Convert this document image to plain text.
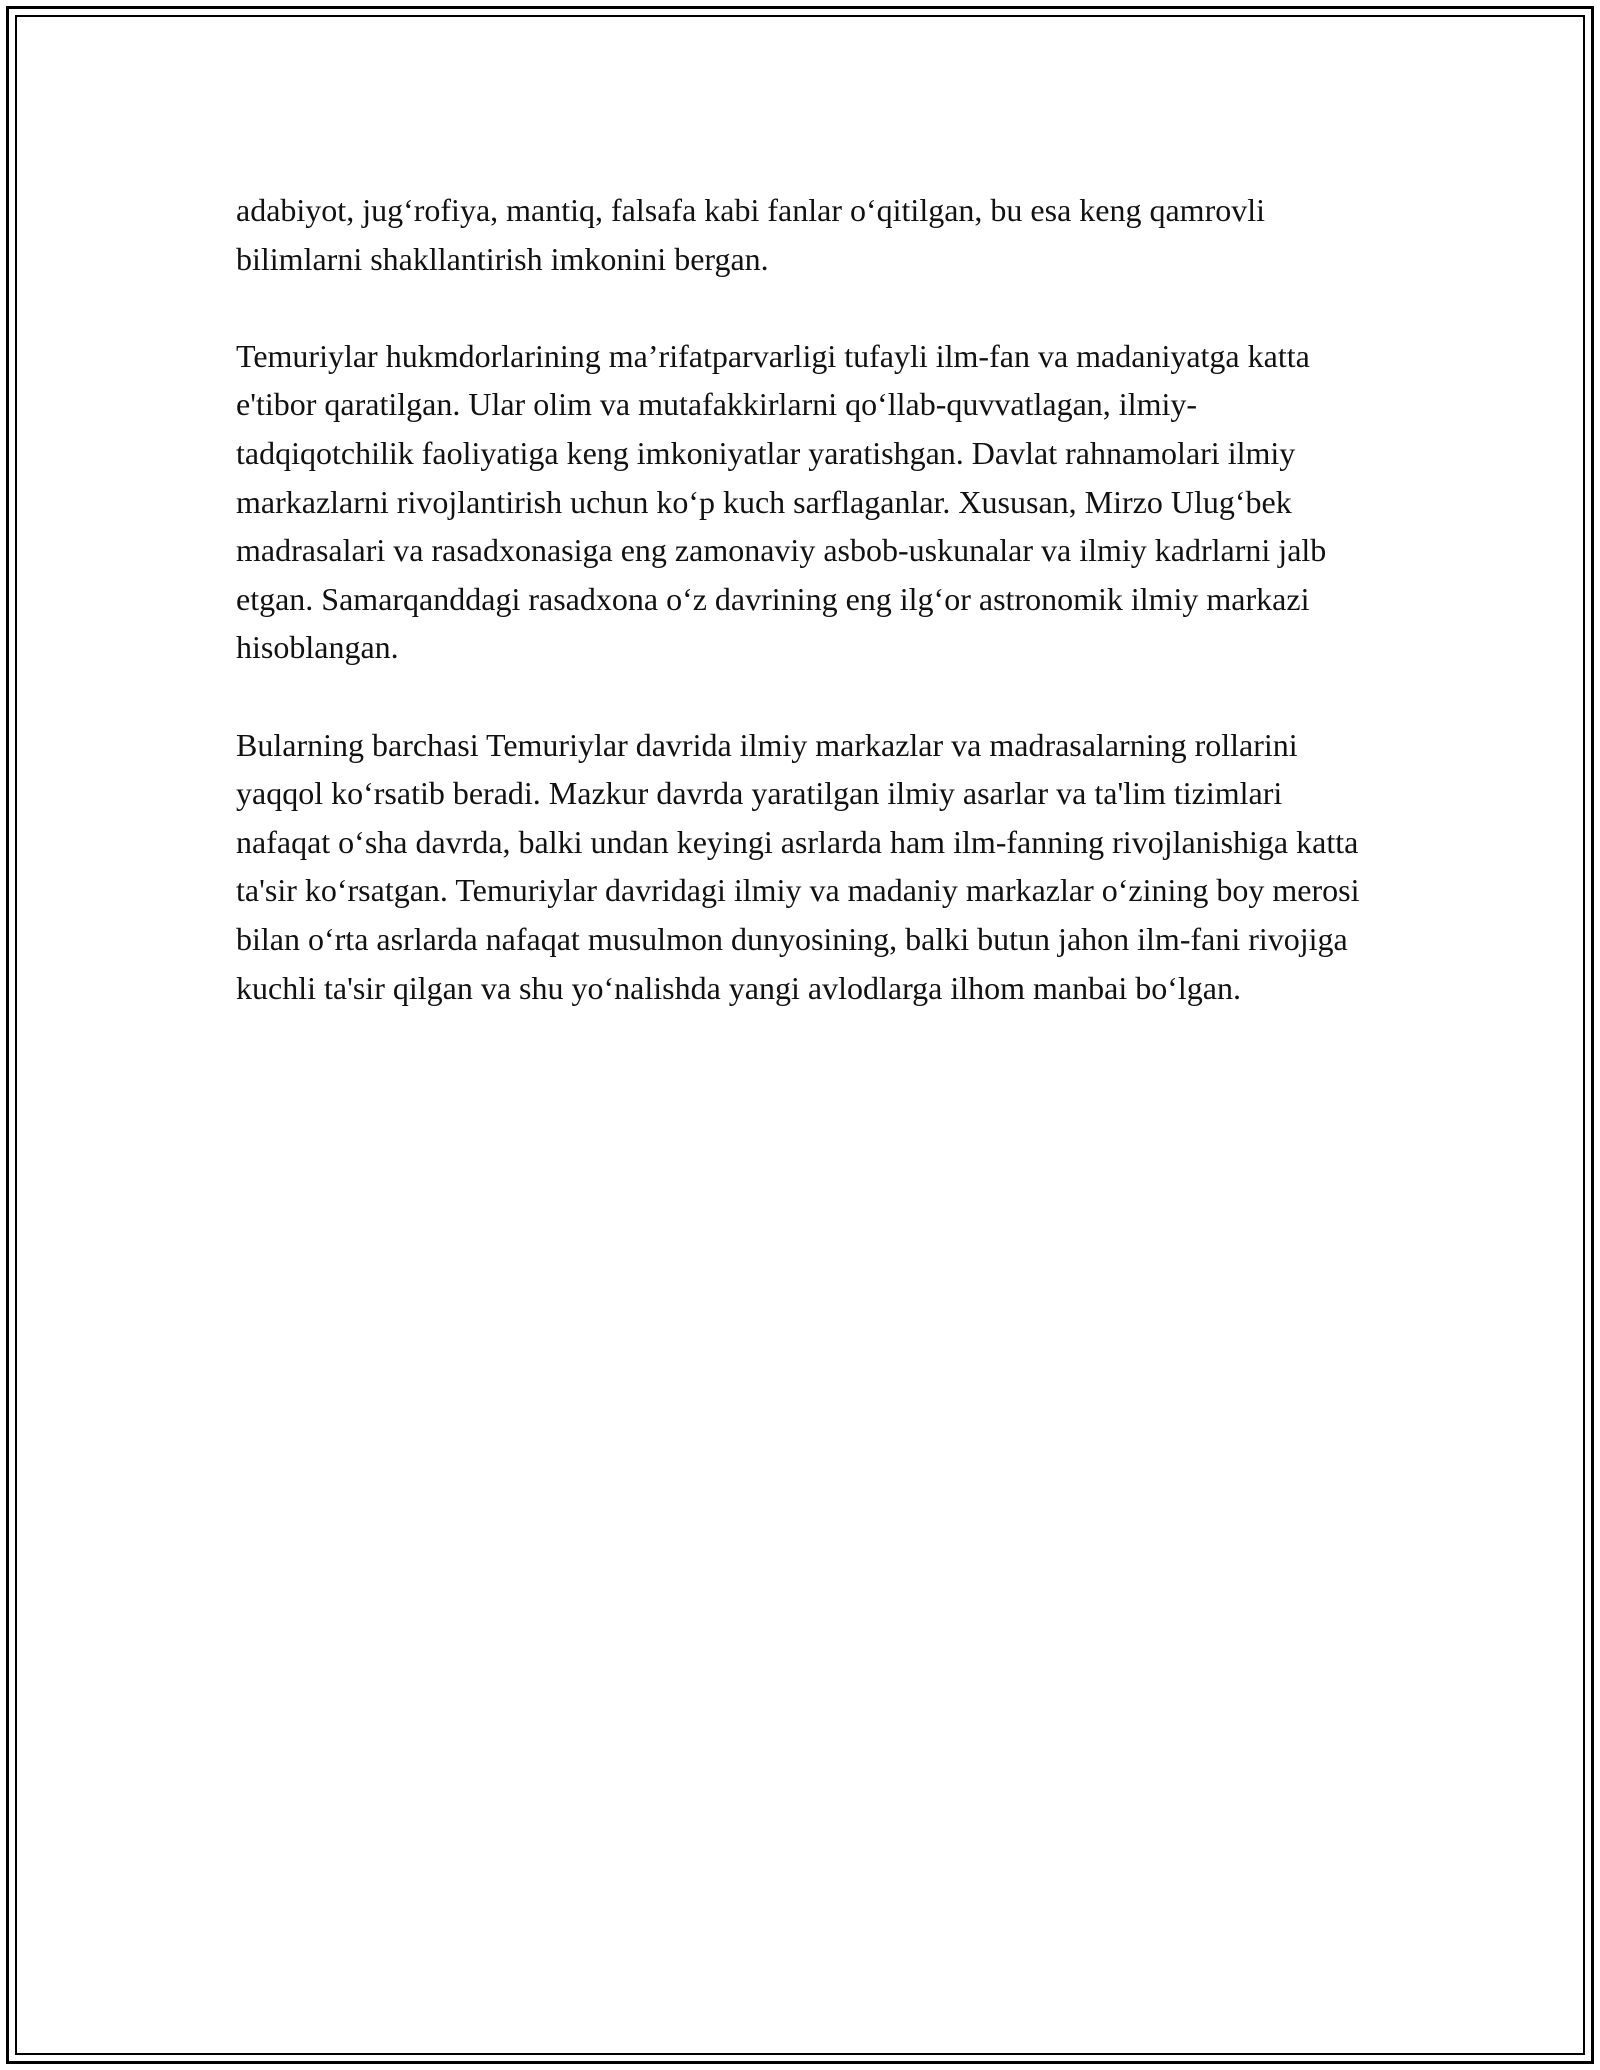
adabiyot, jug‘rofiya, mantiq, falsafa kabi fanlar o‘qitilgan, bu esa keng qamrovli bilimlarni shakllantirish imkonini bergan.

Temuriylar hukmdorlarining ma’rifatparvarligi tufayli ilm-fan va madaniyatga katta e'tibor qaratilgan. Ular olim va mutafakkirlarni qo‘llab-quvvatlagan, ilmiy-tadqiqotchilik faoliyatiga keng imkoniyatlar yaratishgan. Davlat rahnamolari ilmiy markazlarni rivojlantirish uchun ko‘p kuch sarflaganlar. Xususan, Mirzo Ulug‘bek madrasalari va rasadxonasiga eng zamonaviy asbob-uskunalar va ilmiy kadrlarni jalb etgan. Samarqanddagi rasadxona o‘z davrining eng ilg‘or astronomik ilmiy markazi hisoblangan.

Bularning barchasi Temuriylar davrida ilmiy markazlar va madrasalarning rollarini yaqqol ko‘rsatib beradi. Mazkur davrda yaratilgan ilmiy asarlar va ta'lim tizimlari nafaqat o‘sha davrda, balki undan keyingi asrlarda ham ilm-fanning rivojlanishiga katta ta'sir ko‘rsatgan. Temuriylar davridagi ilmiy va madaniy markazlar o‘zining boy merosi bilan o‘rta asrlarda nafaqat musulmon dunyosining, balki butun jahon ilm-fani rivojiga kuchli ta'sir qilgan va shu yo‘nalishda yangi avlodlarga ilhom manbai bo‘lgan.
